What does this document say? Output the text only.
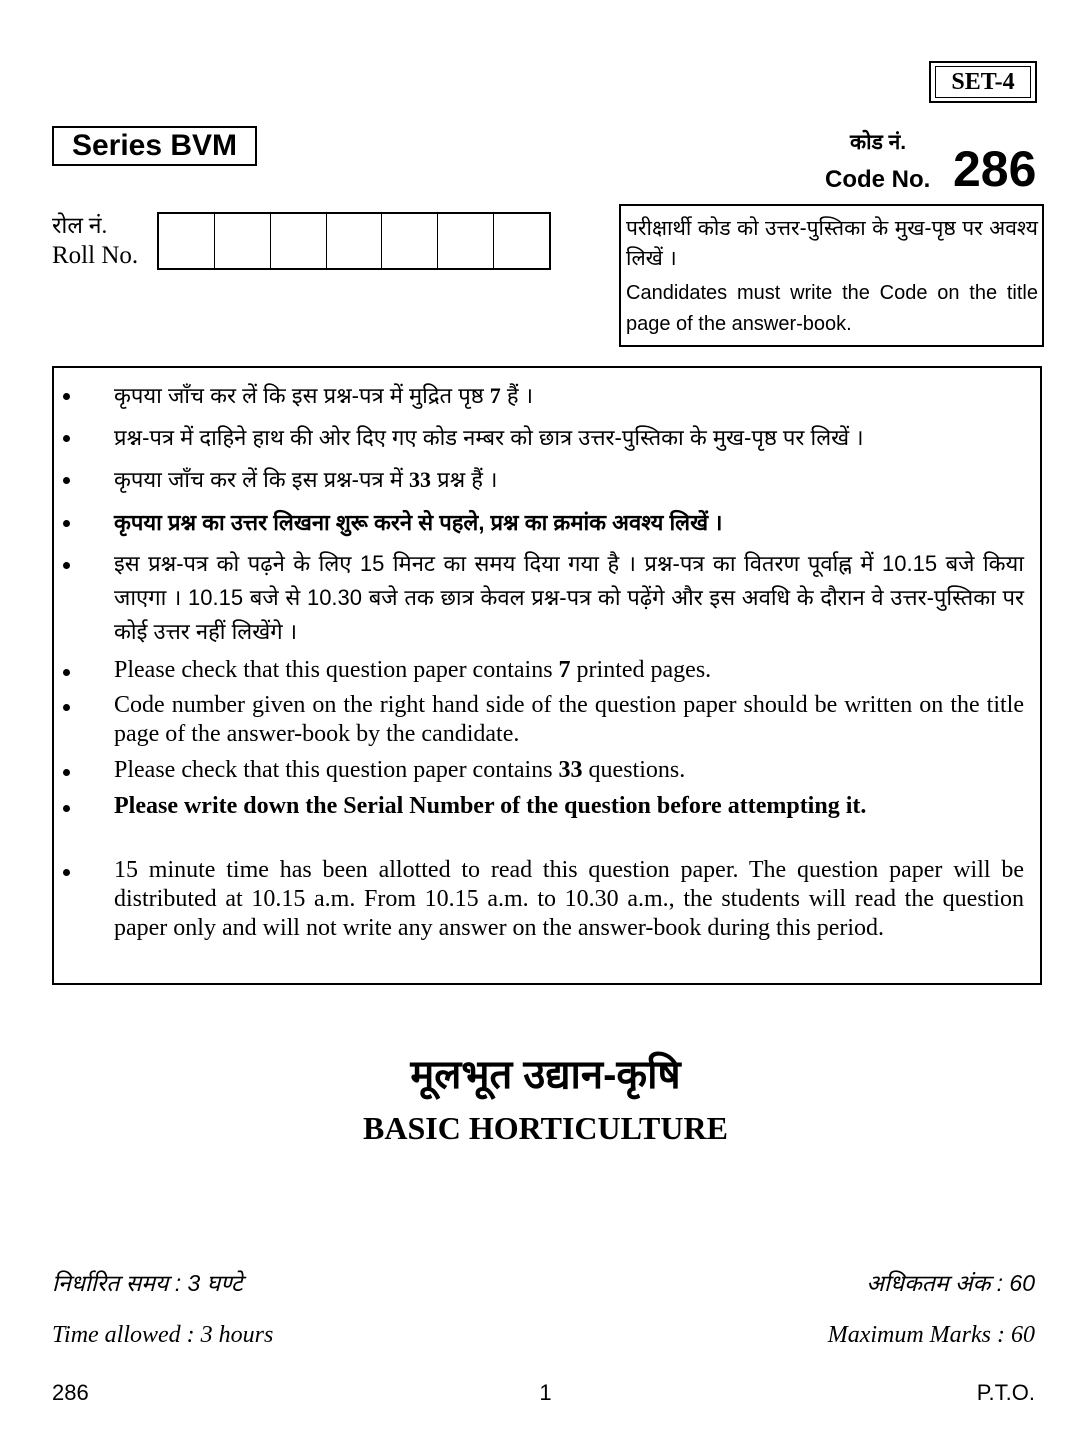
SET-4
Series BVM	कोड नं.
Code No. 286
रोल नं.
Roll No.
परीक्षार्थी कोड को उत्तर-पुस्तिका के मुख-पृष्ठ पर अवश्य लिखें ।
Candidates must write the Code on the title page of the answer-book.
कृपया जाँच कर लें कि इस प्रश्न-पत्र में मुद्रित पृष्ठ 7 हैं ।
प्रश्न-पत्र में दाहिने हाथ की ओर दिए गए कोड नम्बर को छात्र उत्तर-पुस्तिका के मुख-पृष्ठ पर लिखें ।
कृपया जाँच कर लें कि इस प्रश्न-पत्र में 33 प्रश्न हैं ।
कृपया प्रश्न का उत्तर लिखना शुरू करने से पहले, प्रश्न का क्रमांक अवश्य लिखें ।
इस प्रश्न-पत्र को पढ़ने के लिए 15 मिनट का समय दिया गया है । प्रश्न-पत्र का वितरण पूर्वाह्न में 10.15 बजे किया जाएगा । 10.15 बजे से 10.30 बजे तक छात्र केवल प्रश्न-पत्र को पढ़ेंगे और इस अवधि के दौरान वे उत्तर-पुस्तिका पर कोई उत्तर नहीं लिखेंगे ।
Please check that this question paper contains 7 printed pages.
Code number given on the right hand side of the question paper should be written on the title page of the answer-book by the candidate.
Please check that this question paper contains 33 questions.
Please write down the Serial Number of the question before attempting it.
15 minute time has been allotted to read this question paper. The question paper will be distributed at 10.15 a.m. From 10.15 a.m. to 10.30 a.m., the students will read the question paper only and will not write any answer on the answer-book during this period.
मूलभूत उद्यान-कृषि
BASIC HORTICULTURE
निर्धारित समय : 3 घण्टे
Time allowed : 3 hours
अधिकतम अंक : 60
Maximum Marks : 60
286	1	P.T.O.
